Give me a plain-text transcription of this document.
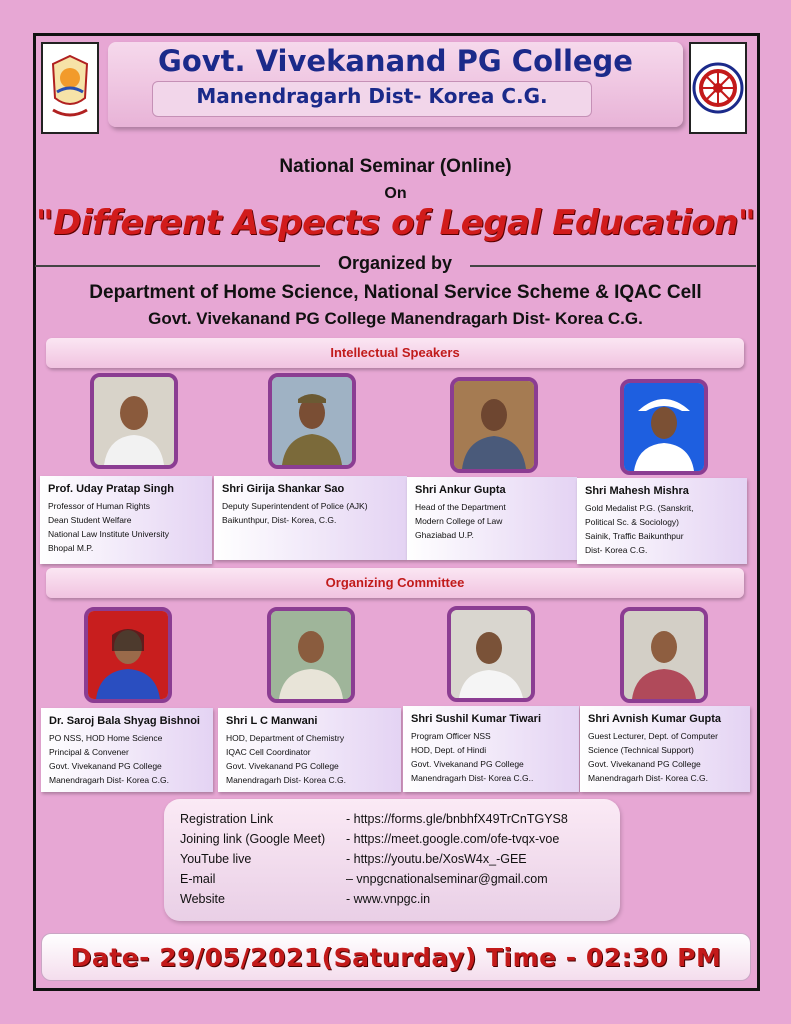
Govt. Vivekanand PG College
Manendragarh Dist- Korea C.G.
National Seminar (Online)
On
"Different Aspects of Legal Education"
Organized by
Department of Home Science, National Service Scheme & IQAC Cell
Govt. Vivekanand PG College Manendragarh Dist- Korea C.G.
Intellectual Speakers
Prof. Uday Pratap Singh
Professor of Human Rights
Dean Student Welfare
National Law Institute University
Bhopal M.P.
Shri Girija Shankar Sao
Deputy Superintendent of Police (AJK)
Baikunthpur, Dist- Korea, C.G.
Shri Ankur Gupta
Head of the Department
Modern College of Law
Ghaziabad U.P.
Shri Mahesh Mishra
Gold Medalist P.G. (Sanskrit,
Political Sc. & Sociology)
Sainik, Traffic Baikunthpur
Dist- Korea C.G.
Organizing Committee
Dr. Saroj Bala Shyag Bishnoi
PO NSS, HOD Home Science
Principal & Convener
Govt. Vivekanand PG College
Manendragarh Dist- Korea C.G.
Shri L C Manwani
HOD, Department of Chemistry
IQAC Cell Coordinator
Govt. Vivekanand PG College
Manendragarh Dist- Korea C.G.
Shri Sushil Kumar Tiwari
Program Officer NSS
HOD, Dept. of Hindi
Govt. Vivekanand PG College
Manendragarh Dist- Korea C.G..
Shri Avnish Kumar Gupta
Guest Lecturer, Dept. of Computer
Science (Technical Support)
Govt. Vivekanand PG College
Manendragarh Dist- Korea C.G.
Registration Link	- https://forms.gle/bnbhfX49TrCnTGYS8
Joining link (Google Meet)	- https://meet.google.com/ofe-tvqx-voe
YouTube live	- https://youtu.be/XosW4x_-GEE
E-mail	– vnpgcnationalseminar@gmail.com
Website	- www.vnpgc.in
Date- 29/05/2021(Saturday) Time - 02:30 PM
